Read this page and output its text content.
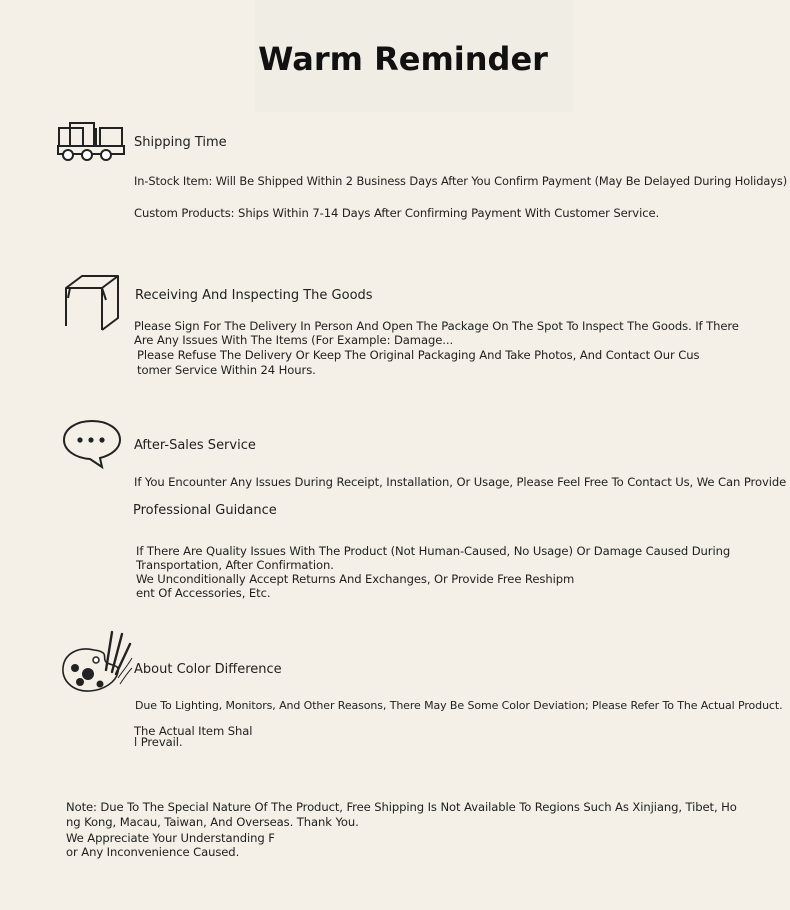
Warm Reminder
Shipping Time
In-Stock Item: Will Be Shipped Within 2 Business Days After You Confirm Payment (May Be Delayed During Holidays)
Custom Products: Ships Within 7-14 Days After Confirming Payment With Customer Service.
Receiving And Inspecting The Goods
Please Sign For The Delivery In Person And Open The Package On The Spot To Inspect The Goods. If There
Are Any Issues With The Items (For Example: Damage...
Please Refuse The Delivery Or Keep The Original Packaging And Take Photos, And Contact Our Cus
tomer Service Within 24 Hours.
After-Sales Service
If You Encounter Any Issues During Receipt, Installation, Or Usage, Please Feel Free To Contact Us, We Can Provide
Professional Guidance
If There Are Quality Issues With The Product (Not Human-Caused, No Usage) Or Damage Caused During
Transportation, After Confirmation.
We Unconditionally Accept Returns And Exchanges, Or Provide Free Reshipm
ent Of Accessories, Etc.
About Color Difference
Due To Lighting, Monitors, And Other Reasons, There May Be Some Color Deviation; Please Refer To The Actual Product.
The Actual Item Shal
l Prevail.
Note: Due To The Special Nature Of The Product, Free Shipping Is Not Available To Regions Such As Xinjiang, Tibet, Ho
ng Kong, Macau, Taiwan, And Overseas. Thank You.
We Appreciate Your Understanding F
or Any Inconvenience Caused.
